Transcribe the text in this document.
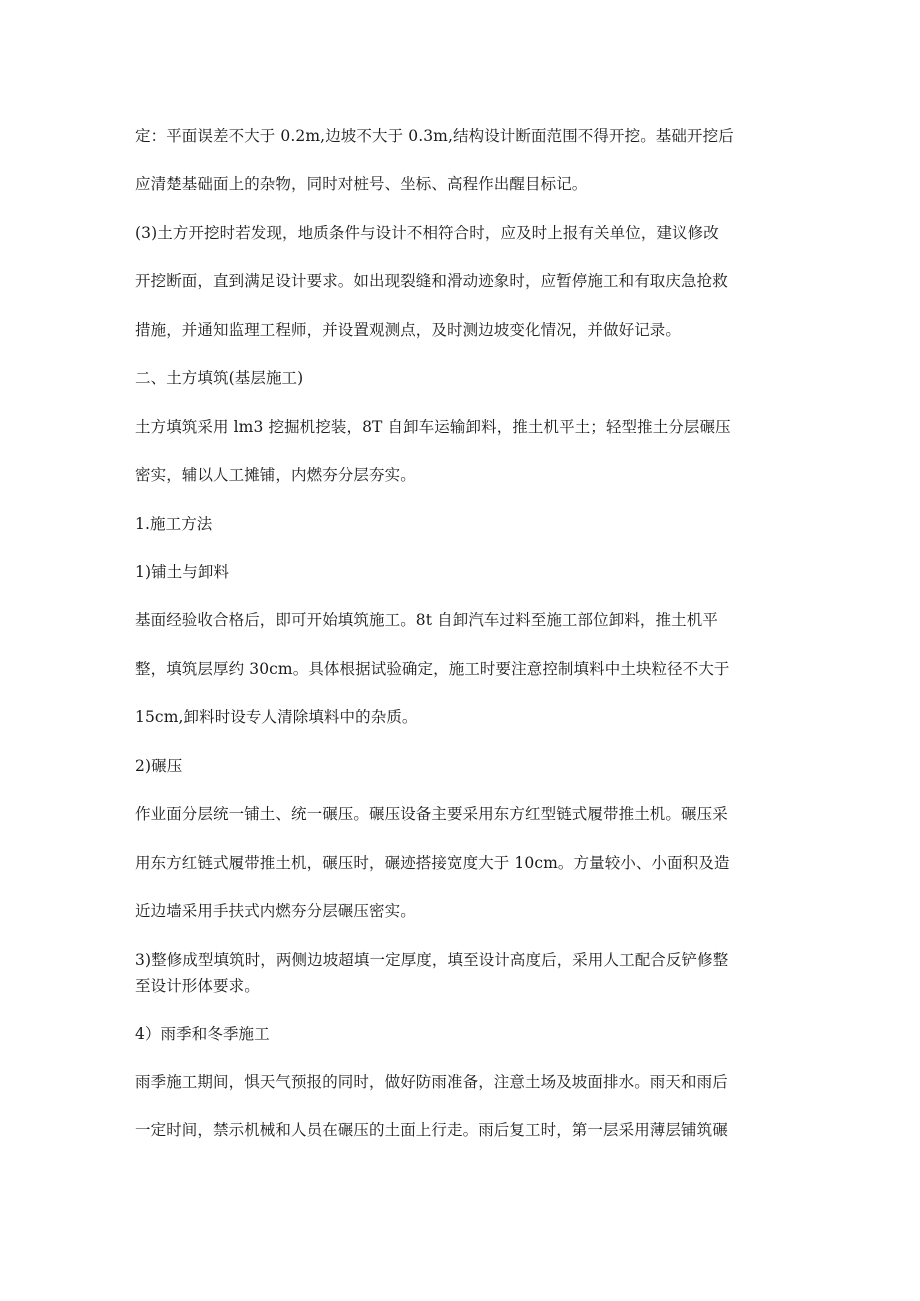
定：平面误差不大于 0.2m,边坡不大于 0.3m,结构设计断面范围不得开挖。基础开挖后
应清楚基础面上的杂物，同时对桩号、坐标、高程作出醒目标记。
(3)土方开挖时若发现，地质条件与设计不相符合时，应及时上报有关单位，建议修改
开挖断面，直到满足设计要求。如出现裂缝和滑动迹象时，应暂停施工和有取庆急抢救
措施，并通知监理工程师，并设置观测点，及时测边坡变化情况，并做好记录。
二、土方填筑(基层施工)
土方填筑采用 lm3 挖掘机挖装，8T 自卸车运输卸料，推土机平土；轻型推土分层碾压
密实，辅以人工摊铺，内燃夯分层夯实。
1.施工方法
1)铺土与卸料
基面经验收合格后，即可开始填筑施工。8t 自卸汽车过料至施工部位卸料，推土机平
整，填筑层厚约 30cm。具体根据试验确定，施工时要注意控制填料中土块粒径不大于
15cm,卸料时设专人清除填料中的杂质。
2)碾压
作业面分层统一铺土、统一碾压。碾压设备主要采用东方红型链式履带推土机。碾压采
用东方红链式履带推土机，碾压时，碾迹搭接宽度大于 10cm。方量较小、小面积及造
近边墙采用手扶式内燃夯分层碾压密实。
3)整修成型填筑时，两侧边坡超填一定厚度，填至设计高度后，采用人工配合反铲修整
至设计形体要求。
4）雨季和冬季施工
雨季施工期间，惧天气预报的同时，做好防雨准备，注意土场及坡面排水。雨天和雨后
一定时间，禁示机械和人员在碾压的土面上行走。雨后复工时，第一层采用薄层铺筑碾
